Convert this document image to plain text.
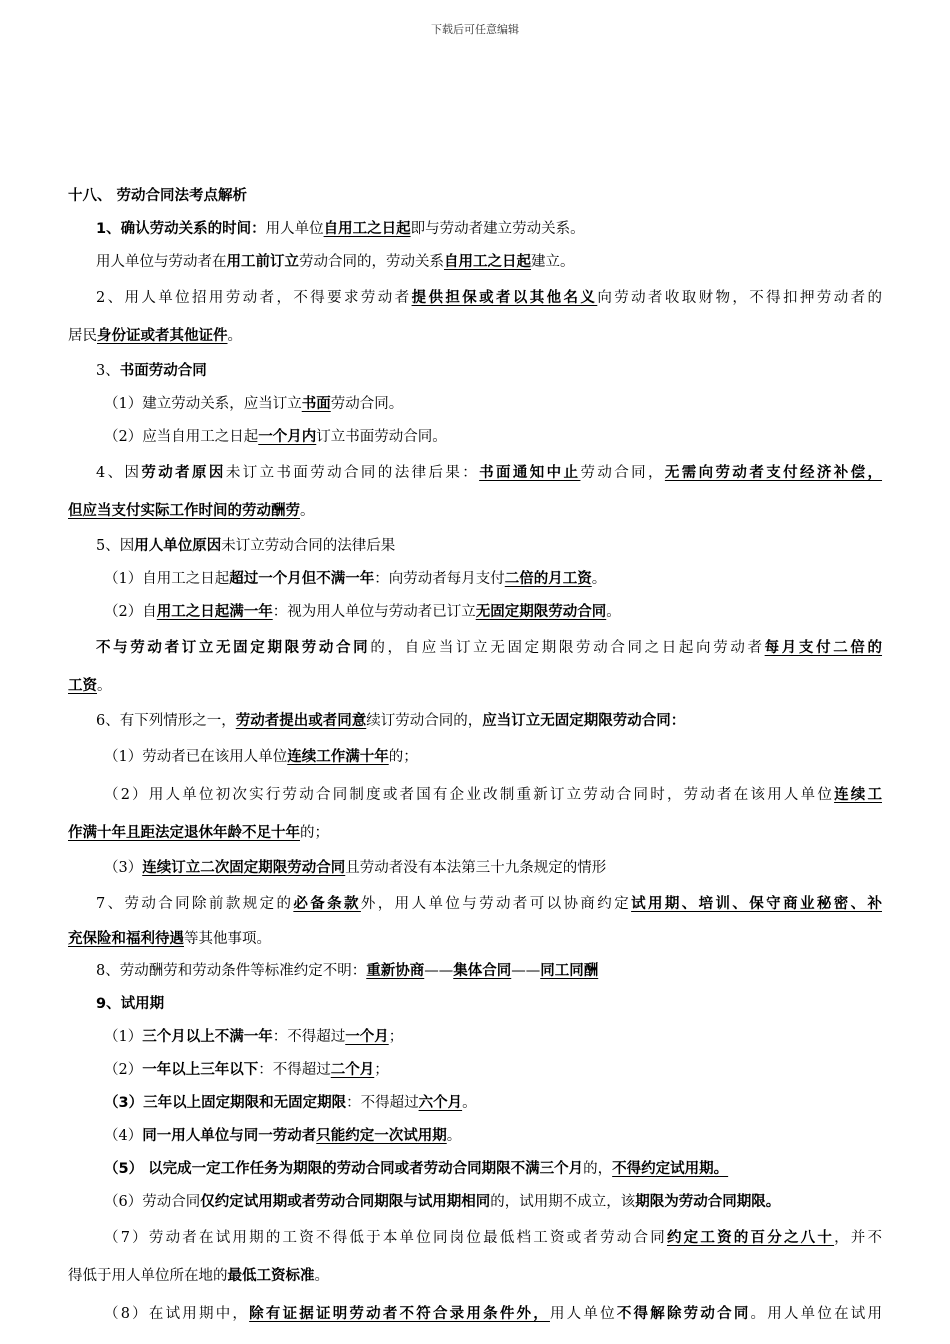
下载后可任意编辑
十八、 劳动合同法考点解析
1、确认劳动关系的时间：用人单位自用工之日起即与劳动者建立劳动关系。
用人单位与劳动者在用工前订立劳动合同的，劳动关系自用工之日起建立。
2、用人单位招用劳动者，不得要求劳动者提供担保或者以其他名义向劳动者收取财物，不得扣押劳动者的
居民身份证或者其他证件。
3、书面劳动合同
（1）建立劳动关系，应当订立书面劳动合同。
（2）应当自用工之日起一个月内订立书面劳动合同。
4、因劳动者原因未订立书面劳动合同的法律后果：书面通知中止劳动合同，无需向劳动者支付经济补偿，
但应当支付实际工作时间的劳动酬劳。
5、因用人单位原因未订立劳动合同的法律后果
（1）自用工之日起超过一个月但不满一年：向劳动者每月支付二倍的月工资。
（2）自用工之日起满一年：视为用人单位与劳动者已订立无固定期限劳动合同。
不与劳动者订立无固定期限劳动合同的，自应当订立无固定期限劳动合同之日起向劳动者每月支付二倍的
工资。
6、有下列情形之一，劳动者提出或者同意续订劳动合同的，应当订立无固定期限劳动合同：
（1）劳动者已在该用人单位连续工作满十年的；
（2）用人单位初次实行劳动合同制度或者国有企业改制重新订立劳动合同时，劳动者在该用人单位连续工
作满十年且距法定退休年龄不足十年的；
（3）连续订立二次固定期限劳动合同且劳动者没有本法第三十九条规定的情形
7、劳动合同除前款规定的必备条款外，用人单位与劳动者可以协商约定试用期、培训、保守商业秘密、补
充保险和福利待遇等其他事项。
8、劳动酬劳和劳动条件等标准约定不明：重新协商——集体合同——同工同酬
9、试用期
（1）三个月以上不满一年：不得超过一个月；
（2）一年以上三年以下：不得超过二个月；
（3）三年以上固定期限和无固定期限：不得超过六个月。
（4）同一用人单位与同一劳动者只能约定一次试用期。
（5） 以完成一定工作任务为期限的劳动合同或者劳动合同期限不满三个月的，不得约定试用期。
（6）劳动合同仅约定试用期或者劳动合同期限与试用期相同的，试用期不成立，该期限为劳动合同期限。
（7）劳动者在试用期的工资不得低于本单位同岗位最低档工资或者劳动合同约定工资的百分之八十，并不
得低于用人单位所在地的最低工资标准。
（8）在试用期中，除有证据证明劳动者不符合录用条件外，用人单位不得解除劳动合同。用人单位在试用
